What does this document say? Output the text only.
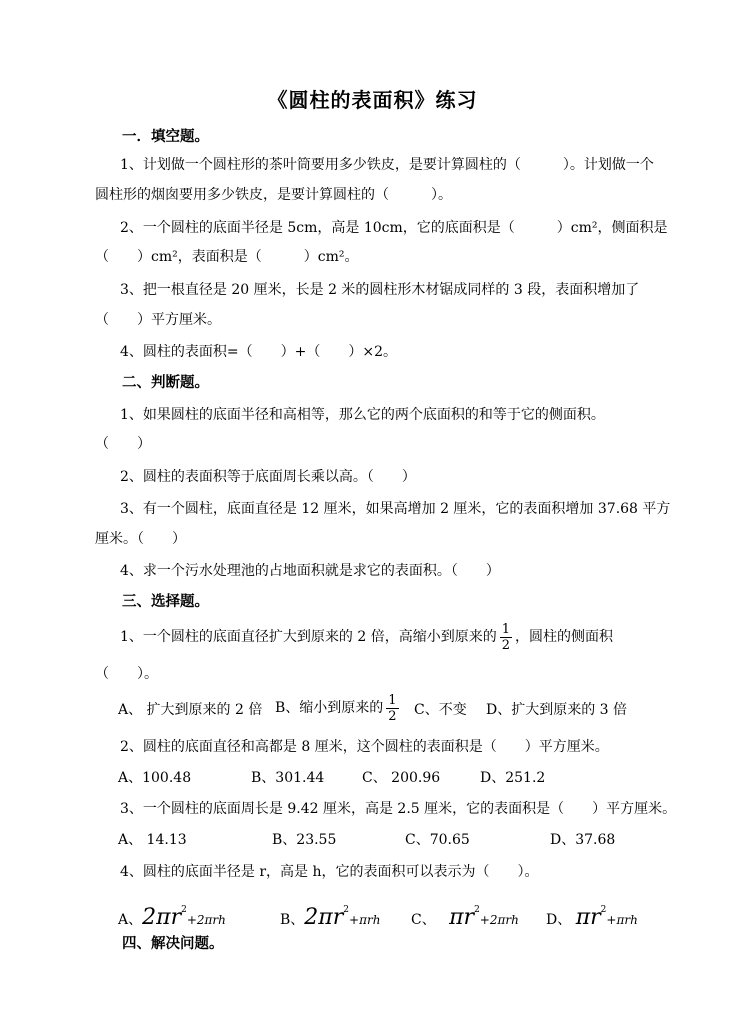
《圆柱的表面积》练习
一．填空题。
1、计划做一个圆柱形的茶叶筒要用多少铁皮，是要计算圆柱的（　　　）。计划做一个
圆柱形的烟囱要用多少铁皮，是要计算圆柱的（　　　）。
2、一个圆柱的底面半径是 5cm，高是 10cm，它的底面积是（　　　）cm²，侧面积是
（　　）cm²，表面积是（　　　）cm²。
3、把一根直径是 20 厘米，长是 2 米的圆柱形木材锯成同样的 3 段，表面积增加了
（　　）平方厘米。
4、圆柱的表面积=（　　）+（　　）×2。
二、判断题。
1、如果圆柱的底面半径和高相等，那么它的两个底面积的和等于它的侧面积。
（　　）
2、圆柱的表面积等于底面周长乘以高。（　　）
3、有一个圆柱，底面直径是 12 厘米，如果高增加 2 厘米，它的表面积增加 37.68 平方
厘米。（　　）
4、求一个污水处理池的占地面积就是求它的表面积。（　　）
三、选择题。
1、一个圆柱的底面直径扩大到原来的 2 倍，高缩小到原来的 $\frac{1}{2}$ ，圆柱的侧面积
（　　）。
A、 扩大到原来的 2 倍 B、缩小到原来的 $\frac{1}{2}$ C、不变 D、扩大到原来的 3 倍
2、圆柱的底面直径和高都是 8 厘米，这个圆柱的表面积是（　　）平方厘米。
A、100.48	B、301.44	C、 200.96	D、251.2
3、一个圆柱的底面周长是 9.42 厘米，高是 2.5 厘米，它的表面积是（　　）平方厘米。
A、 14.13	B、23.55	C、70.65	D、37.68
4、圆柱的底面半径是 r，高是 h，它的表面积可以表示为（　　）。
A、$2\pi r^2+2\pi rh$	B、$2\pi r^2+\pi rh$ C、 $\pi r^2+2\pi rh$ D、 $\pi r^2+\pi rh$
四、解决问题。
